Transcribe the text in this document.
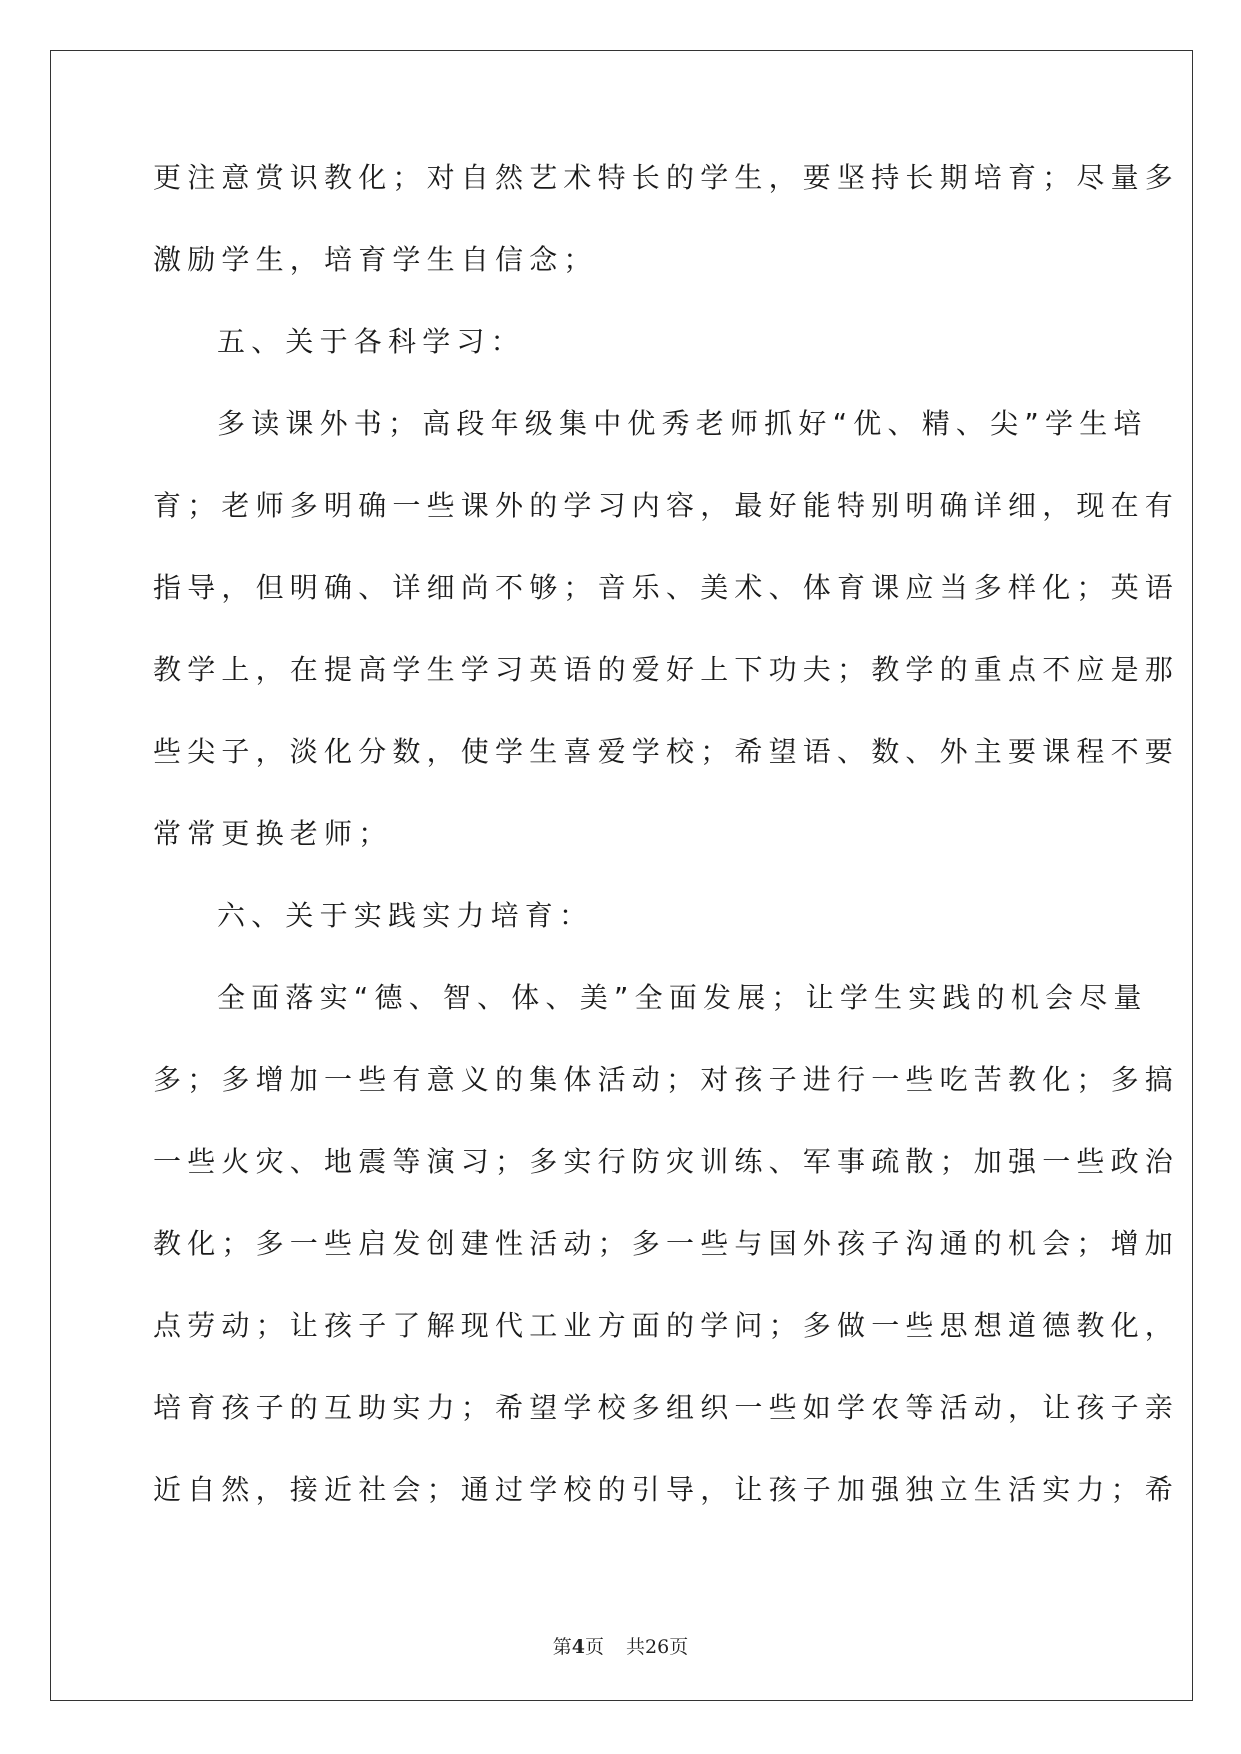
更注意赏识教化；对自然艺术特长的学生，要坚持长期培育；尽量多
激励学生，培育学生自信念；
五、关于各科学习：
多读课外书；高段年级集中优秀老师抓好“优、精、尖”学生培
育；老师多明确一些课外的学习内容，最好能特别明确详细，现在有
指导，但明确、详细尚不够；音乐、美术、体育课应当多样化；英语
教学上，在提高学生学习英语的爱好上下功夫；教学的重点不应是那
些尖子，淡化分数，使学生喜爱学校；希望语、数、外主要课程不要
常常更换老师；
六、关于实践实力培育：
全面落实“德、智、体、美”全面发展；让学生实践的机会尽量
多；多增加一些有意义的集体活动；对孩子进行一些吃苦教化；多搞
一些火灾、地震等演习；多实行防灾训练、军事疏散；加强一些政治
教化；多一些启发创建性活动；多一些与国外孩子沟通的机会；增加
点劳动；让孩子了解现代工业方面的学问；多做一些思想道德教化，
培育孩子的互助实力；希望学校多组织一些如学农等活动，让孩子亲
近自然，接近社会；通过学校的引导，让孩子加强独立生活实力；希
第4页 共26页
